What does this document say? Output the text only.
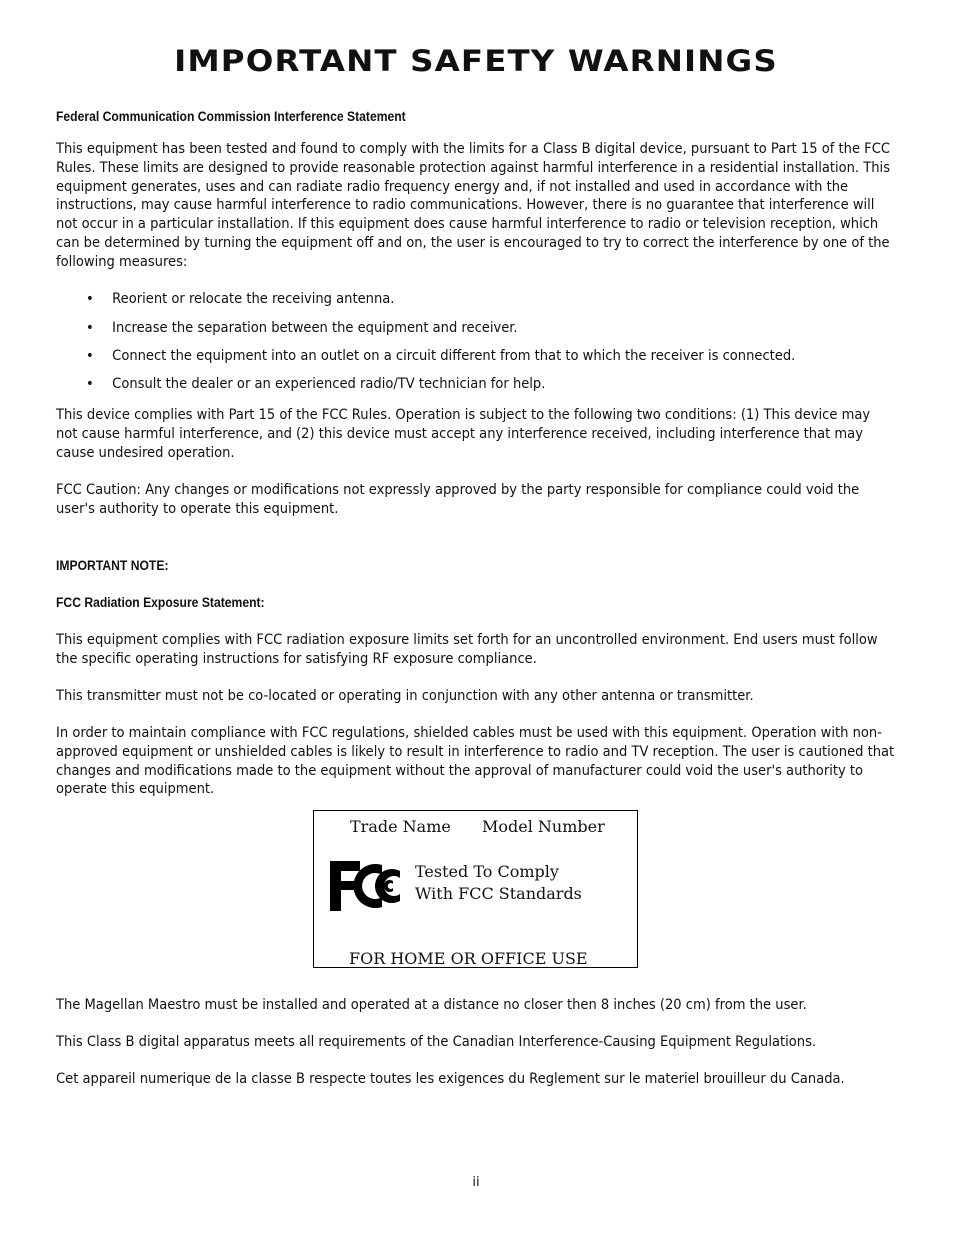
IMPORTANT SAFETY WARNINGS
Federal Communication Commission Interference Statement

This equipment has been tested and found to comply with the limits for a Class B digital device, pursuant to Part 15 of the FCC Rules. These limits are designed to provide reasonable protection against harmful interference in a residential installation. This equipment generates, uses and can radiate radio frequency energy and, if not installed and used in accordance with the instructions, may cause harmful interference to radio communications. However, there is no guarantee that interference will not occur in a particular installation. If this equipment does cause harmful interference to radio or television reception, which can be determined by turning the equipment off and on, the user is encouraged to try to correct the interference by one of the following measures:

• Reorient or relocate the receiving antenna.
• Increase the separation between the equipment and receiver.
• Connect the equipment into an outlet on a circuit different from that to which the receiver is connected.
• Consult the dealer or an experienced radio/TV technician for help.

This device complies with Part 15 of the FCC Rules. Operation is subject to the following two conditions: (1) This device may not cause harmful interference, and (2) this device must accept any interference received, including interference that may cause undesired operation.

FCC Caution: Any changes or modifications not expressly approved by the party responsible for compliance could void the user's authority to operate this equipment.

IMPORTANT NOTE:
FCC Radiation Exposure Statement:

This equipment complies with FCC radiation exposure limits set forth for an uncontrolled environment. End users must follow the specific operating instructions for satisfying RF exposure compliance.

This transmitter must not be co-located or operating in conjunction with any other antenna or transmitter.

In order to maintain compliance with FCC regulations, shielded cables must be used with this equipment. Operation with non-approved equipment or unshielded cables is likely to result in interference to radio and TV reception. The user is cautioned that changes and modifications made to the equipment without the approval of manufacturer could void the user's authority to operate this equipment.

Trade Name Model Number
Tested To Comply
With FCC Standards
FOR HOME OR OFFICE USE

The Magellan Maestro must be installed and operated at a distance no closer then 8 inches (20 cm) from the user.

This Class B digital apparatus meets all requirements of the Canadian Interference-Causing Equipment Regulations.

Cet appareil numerique de la classe B respecte toutes les exigences du Reglement sur le materiel brouilleur du Canada.

ii
